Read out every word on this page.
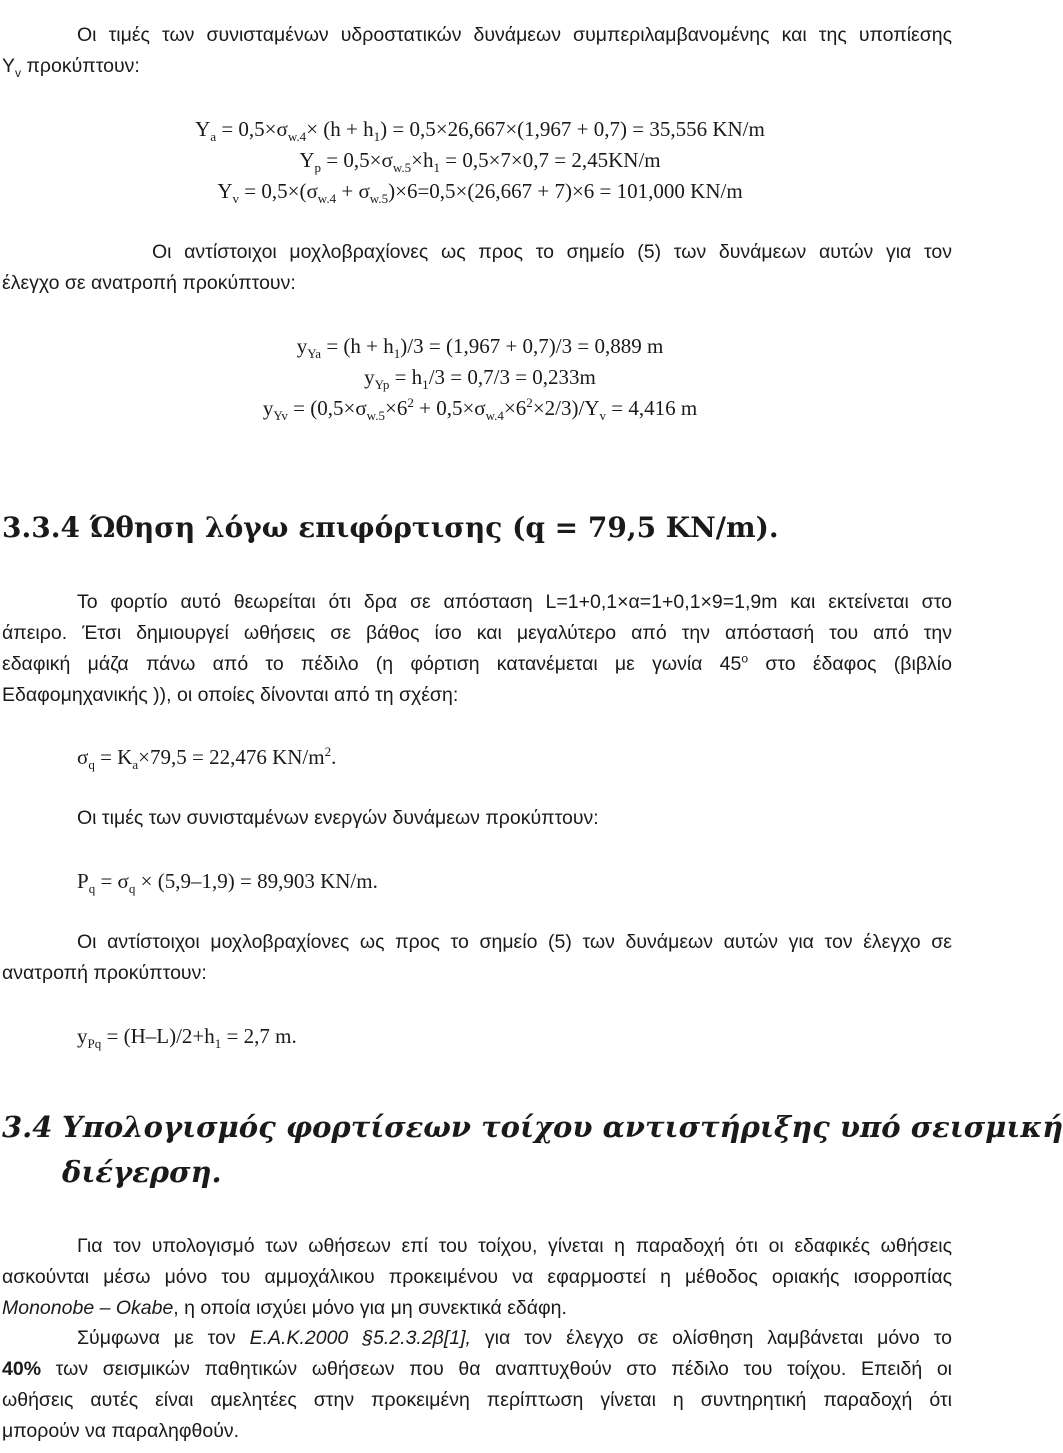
Οι τιμές των συνισταμένων υδροστατικών δυνάμεων συμπεριλαμβανομένης και της υποπίεσης
$Y_v$ προκύπτουν:
$Y_a = 0,5\times\sigma_{w.4}\times (h + h_1) = 0,5\times 26,667\times(1,967 + 0,7) = 35,556$ KN/m
$Y_p = 0,5\times\sigma_{w.5}\times h_1 = 0,5\times 7\times 0,7 = 2,45KN/m$
$Y_v = 0,5\times(\sigma_{w.4} + \sigma_{w.5})\times 6=0,5\times(26,667 + 7)\times 6 = 101,000$ KN/m
Οι αντίστοιχοι μοχλοβραχίονες ως προς το σημείο (5) των δυνάμεων αυτών για τον
έλεγχο σε ανατροπή προκύπτουν:
$y_{Ya} = (h + h_1)/3 = (1,967 + 0,7)/3 = 0,889$ m
$y_{Yp} = h_1/3 = 0,7/3 = 0,233m$
$y_{Yv} = (0,5\times\sigma_{w.5}\times 6^2 + 0,5\times\sigma_{w.4}\times 6^2\times 2/3)/Y_v = 4,416$ m
3.3.4 Ώθηση λόγω επιφόρτισης (q = 79,5 KN/m).
Το φορτίο αυτό θεωρείται ότι δρα σε απόσταση L=1+0,1×α=1+0,1×9=1,9m και εκτείνεται στο
άπειρο. Έτσι δημιουργεί ωθήσεις σε βάθος ίσο και μεγαλύτερο από την απόστασή του από την
εδαφική μάζα πάνω από το πέδιλο (η φόρτιση κατανέμεται με γωνία $45^o$ στο έδαφος (βιβλίο
Εδαφομηχανικής )), οι οποίες δίνονται από τη σχέση:
$\sigma_q = K_a\times 79,5 = 22,476$ $KN/m^2$.
Οι τιμές των συνισταμένων ενεργών δυνάμεων προκύπτουν:
$P_q = \sigma_q \times (5,9-1,9) = 89,903$ KN/m.
Οι αντίστοιχοι μοχλοβραχίονες ως προς το σημείο (5) των δυνάμεων αυτών για τον έλεγχο σε
ανατροπή προκύπτουν:
$y_{Pq} = (H-L)/2+h_1 = 2,7$ m.
3.4 Υπολογισμός φορτίσεων τοίχου αντιστήριξης υπό σεισμική
διέγερση.
Για τον υπολογισμό των ωθήσεων επί του τοίχου, γίνεται η παραδοχή ότι οι εδαφικές ωθήσεις
ασκούνται μέσω μόνο του αμμοχάλικου προκειμένου να εφαρμοστεί η μέθοδος οριακής ισορροπίας
Mononobe – Okabe, η οποία ισχύει μόνο για μη συνεκτικά εδάφη.
Σύμφωνα με τον Ε.Α.Κ.2000 §5.2.3.2β[1], για τον έλεγχο σε ολίσθηση λαμβάνεται μόνο το
40% των σεισμικών παθητικών ωθήσεων που θα αναπτυχθούν στο πέδιλο του τοίχου. Επειδή οι
ωθήσεις αυτές είναι αμελητέες στην προκειμένη περίπτωση γίνεται η συντηρητική παραδοχή ότι
μπορούν να παραληφθούν.
